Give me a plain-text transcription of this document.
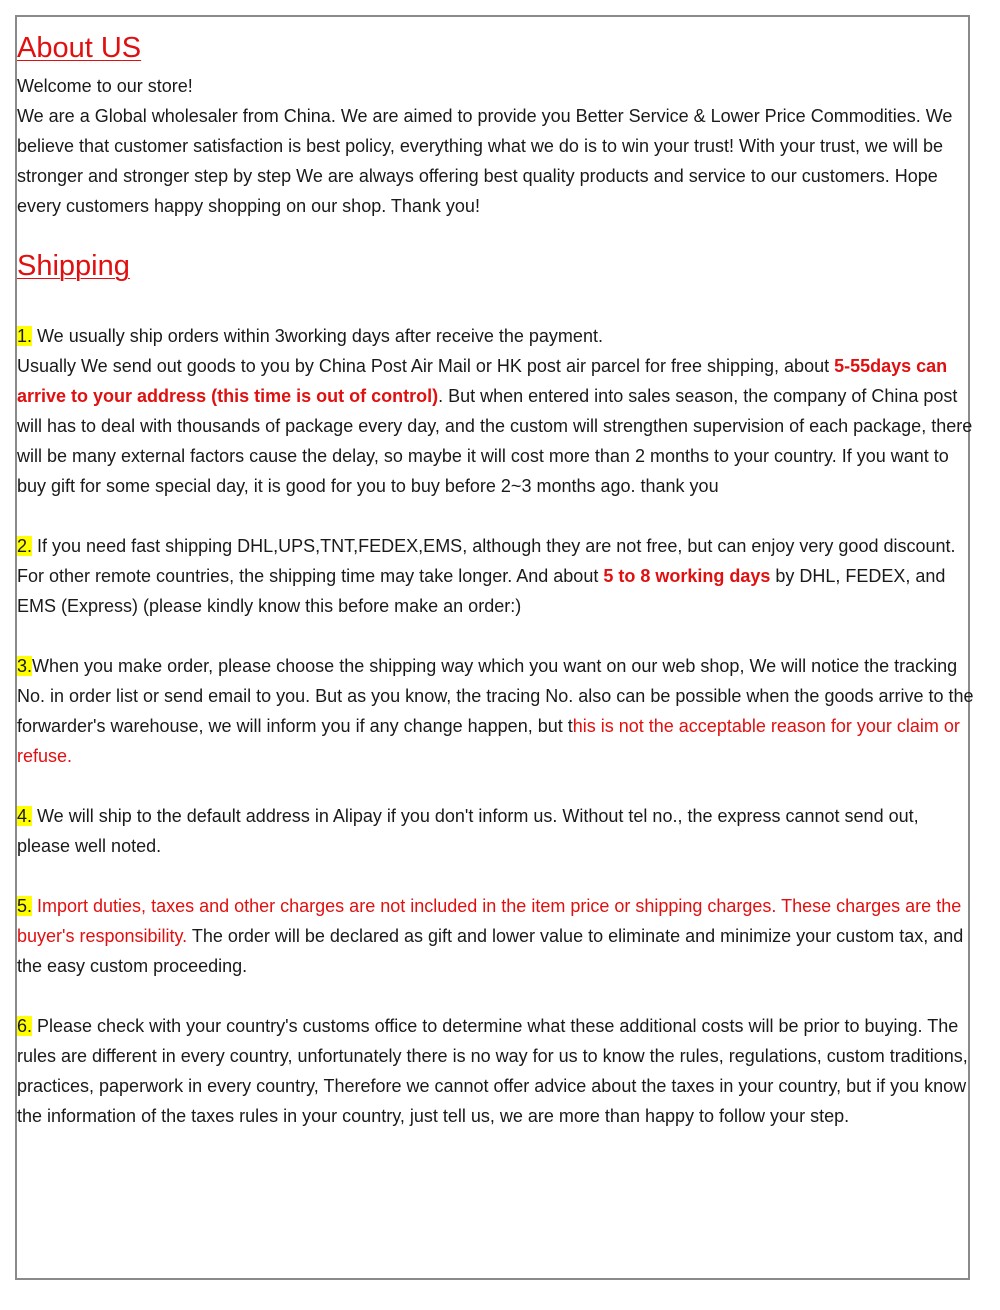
About US

Welcome to our store!

We are a Global wholesaler from China. We are aimed to provide you Better Service & Lower Price Commodities. We believe that customer satisfaction is best policy, everything what we do is to win your trust! With your trust, we will be stronger and stronger step by step We are always offering best quality products and service to our customers. Hope every customers happy shopping on our shop. Thank you!

Shipping

1. We usually ship orders within 3working days after receive the payment.

Usually We send out goods to you by China Post Air Mail or HK post air parcel for free shipping, about 5-55days can arrive to your address (this time is out of control). But when entered into sales season, the company of China post will has to deal with thousands of package every day, and the custom will strengthen supervision of each package, there will be many external factors cause the delay, so maybe it will cost more than 2 months to your country. If you want to buy gift for some special day, it is good for you to buy before 2~3 months ago. thank you

2. If you need fast shipping DHL,UPS,TNT,FEDEX,EMS, although they are not free, but can enjoy very good discount. For other remote countries, the shipping time may take longer. And about 5 to 8 working days by DHL, FEDEX, and EMS (Express) (please kindly know this before make an order:)

3.When you make order, please choose the shipping way which you want on our web shop, We will notice the tracking No. in order list or send email to you. But as you know, the tracing No. also can be possible when the goods arrive to the forwarder's warehouse, we will inform you if any change happen, but this is not the acceptable reason for your claim or refuse.

4. We will ship to the default address in Alipay if you don't inform us. Without tel no., the express cannot send out, please well noted.

5. Import duties, taxes and other charges are not included in the item price or shipping charges. These charges are the buyer's responsibility. The order will be declared as gift and lower value to eliminate and minimize your custom tax, and the easy custom proceeding.

6. Please check with your country's customs office to determine what these additional costs will be prior to buying. The rules are different in every country, unfortunately there is no way for us to know the rules, regulations, custom traditions, practices, paperwork in every country, Therefore we cannot offer advice about the taxes in your country, but if you know the information of the taxes rules in your country, just tell us, we are more than happy to follow your step.
